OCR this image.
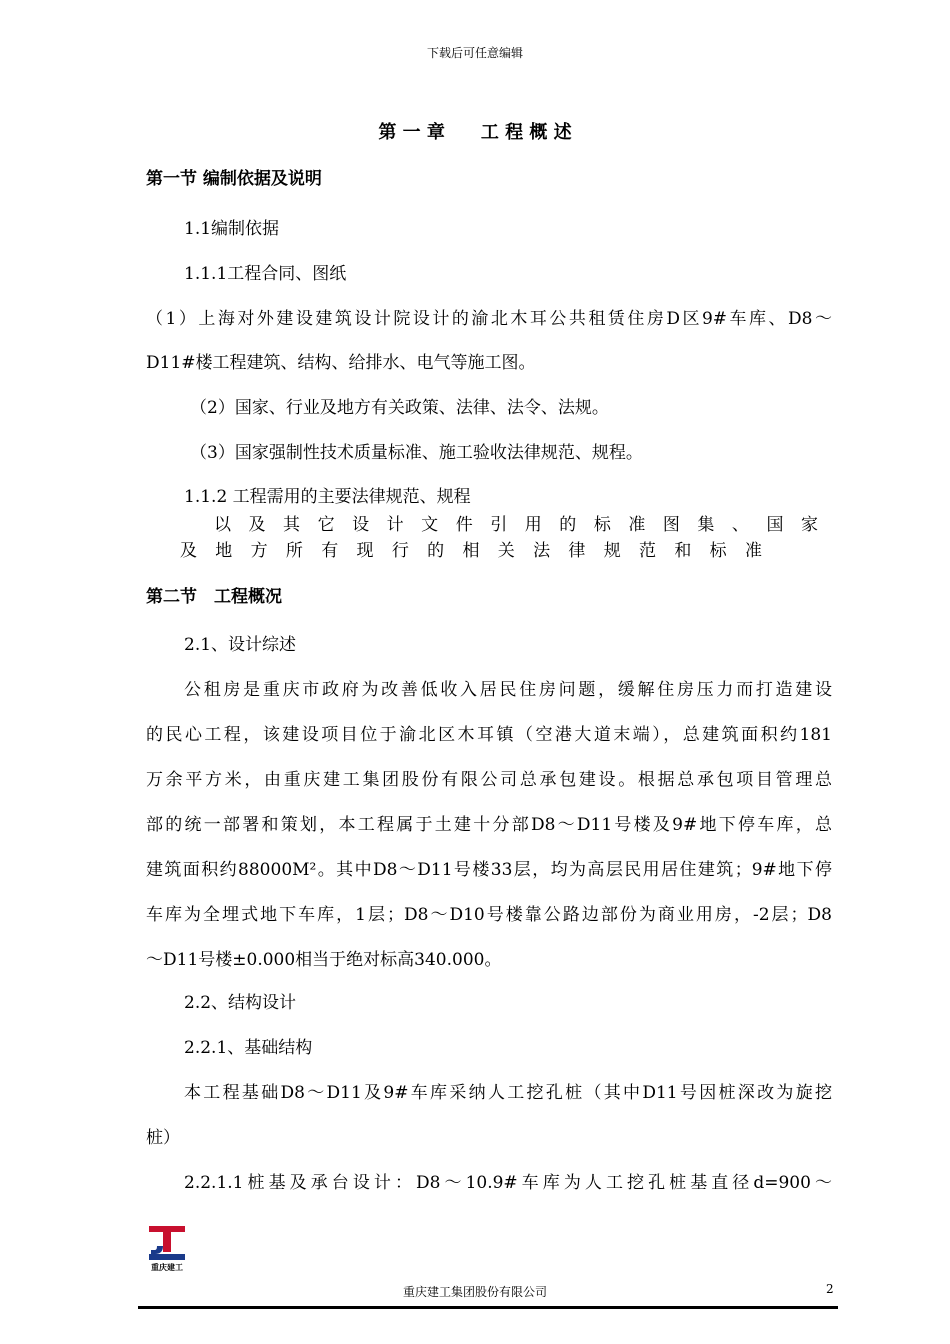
下载后可任意编辑
第 一 章　　工 程 概 述
第一节 编制依据及说明
1.1编制依据
1.1.1工程合同、图纸
（1）上海对外建设建筑设计院设计的渝北木耳公共租赁住房D区9#车库、D8～
D11#楼工程建筑、结构、给排水、电气等施工图。
（2）国家、行业及地方有关政策、法律、法令、法规。
（3）国家强制性技术质量标准、施工验收法律规范、规程。
1.1.2 工程需用的主要法律规范、规程
以 及 其 它 设 计 文 件 引 用 的 标 准 图 集 、 国 家
及 地 方 所 有 现 行 的 相 关 法 律 规 范 和 标 准
第二节　工程概况
2.1、设计综述
公租房是重庆市政府为改善低收入居民住房问题，缓解住房压力而打造建设
的民心工程，该建设项目位于渝北区木耳镇（空港大道末端），总建筑面积约181
万余平方米，由重庆建工集团股份有限公司总承包建设。根据总承包项目管理总
部的统一部署和策划，本工程属于土建十分部D8～D11号楼及9#地下停车库，总
建筑面积约88000M²。其中D8～D11号楼33层，均为高层民用居住建筑；9#地下停
车库为全埋式地下车库，1层；D8～D10号楼靠公路边部份为商业用房，-2层；D8
～D11号楼±0.000相当于绝对标高340.000。
2.2、结构设计
2.2.1、基础结构
本工程基础D8～D11及9#车库采纳人工挖孔桩（其中D11号因桩深改为旋挖
桩）
2.2.1.1桩基及承台设计：D8～10.9#车库为人工挖孔桩基直径d=900～
重庆建工
重庆建工集团股份有限公司	2
